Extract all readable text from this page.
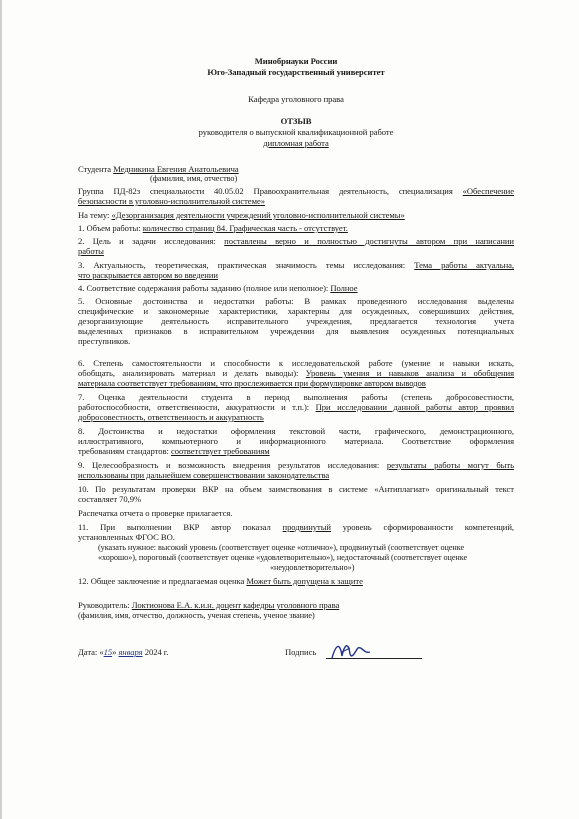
Минобрнауки России
Юго-Западный государственный университет
Кафедра уголовного права
ОТЗЫВ
руководителя о выпускной квалификационной работе
дипломная работа
Студента Медникина Евгения Анатольевича
(фамилия, имя, отчество)
Группа ПД-82з специальности 40.05.02 Правоохранительная деятельность, специализация «Обеспечение
безопасности в уголовно-исполнительной системе»
На тему: «Дезорганизация деятельности учреждений уголовно-исполнительной системы»
1. Объем работы: количество страниц 84. Графическая часть - отсутствует.
2. Цель и задачи исследования: поставлены верно и полностью достигнуты автором при написании
работы
3. Актуальность, теоретическая, практическая значимость темы исследования: Тема работы актуальна,
что раскрывается автором во введении
4. Соответствие содержания работы заданию (полное или неполное): Полное
5. Основные достоинства и недостатки работы: В рамках проведенного исследования выделены
специфические и закономерные характеристики, характерны для осужденных, совершивших действия,
дезорганизующие деятельность исправительного учреждения, предлагается технология учета
выделенных признаков в исправительном учреждении для выявления осужденных потенциальных
преступников.
6. Степень самостоятельности и способности к исследовательской работе (умение и навыки искать,
обобщать, анализировать материал и делать выводы): Уровень умения и навыков анализа и обобщения
материала соответствует требованиям, что прослеживается при формулировке автором выводов
7. Оценка деятельности студента в период выполнения работы (степень добросовестности,
работоспособности, ответственности, аккуратности и т.п.): При исследовании данной работы автор проявил
добросовестность, ответственность и аккуратность
8. Достоинства и недостатки оформления текстовой части, графического, демонстрационного,
иллюстративного, компьютерного и информационного материала. Соответствие оформления
требованиям стандартов: соответствует требованиям
9. Целесообразность и возможность внедрения результатов исследования: результаты работы могут быть
использованы при дальнейшем совершенствовании законодательства
10. По результатам проверки ВКР на объем заимствования в системе «Антиплагиат» оригинальный текст
составляет 70,9%
Распечатка отчета о проверке прилагается.
11. При выполнении ВКР автор показал продвинутый уровень сформированности компетенций,
установленных ФГОС ВО.
(указать нужное: высокий уровень (соответствует оценке «отлично»), продвинутый (соответствует оценке
«хорошо»), пороговый (соответствует оценке «удовлетворительно»), недостаточный (соответствует оценке
«неудовлетворительно»)
12. Общее заключение и предлагаемая оценка Может быть допущена к защите
Руководитель: Локтионова Е.А. к.и.н. доцент кафедры уголовного права
(фамилия, имя, отчество, должность, ученая степень, ученое звание)
Дата: «15» января 2024 г.	Подпись
